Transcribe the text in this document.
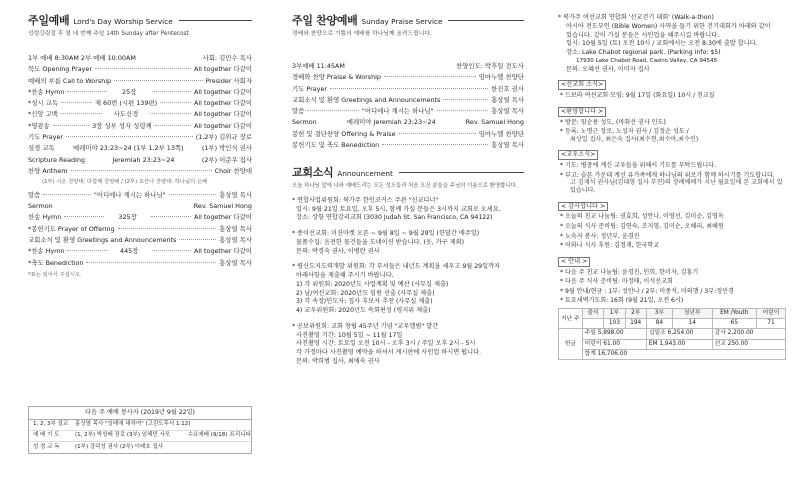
주일예배 Lord's Day Worship Service
성령강림절 후 열 네 번째 주일 14th Sunday after Pentecost
1부 예배 8:30AM 2부 예배 10:00AM	사회: 김민수 목사
묵도 Opening Prayer	All together 다같이
예배의 부름 Call to Worship	Presider 사회자
*찬송 Hymn	25장	All together 다같이
*성시 교독	제 60번 (시편 139편)	All together 다같이
*신앙 고백	사도신경	All together 다같이
*영광송	3장 성부 성자 성령께	All together 다같이
기도 Prayer	(1,2부) 김위규 장로
성경 교독	예레미야 23:23~24 (1부 1,2부 13쪽)	(1부) 박인식 권사
Scripture Reading	Jeremiah 23:23~24	(2부) 이준우 집사
찬양 Anthem	Choir 찬양대
(1부) 시온 찬양대: 다함께 찬양해 / (2부) 호산나 찬양대: 하나님의 은혜
말씀	"어디에나 계시는 하나님"	홍상열 목사
Sermon	Rev. Samuel Hong
찬송 Hymn	325장	All together 다같이
*봉헌기도 Prayer of Offering	홍상열 목사
교회소식 및 환영 Greetings and Announcements	홍상열 목사
*찬송 Hymn	445장	All together 다같이
*축도 Benediction	홍상열 목사
*표는 일어서 주십시오.
다음 주 예배 봉사자 (2019년 9월 22일)
1, 2, 3부 설교	홍상열 목사 "잉태에 대하여" (고린도후서 1:12)
예 배 기 도	(1, 2부) 박성배 장로 (3부) 임해민 사모	수요예배 (9/18) :
트리니티
성 경 교 독	(1부) 강덕성 권사 (2부) 이태호 집사
주일 찬양예배 Sunday Praise Service
경배와 찬양으로 기쁨의 예배를 하나님께 올려드립니다.
3부예배 11:45AM	찬양인도: 박후일 전도사
경배와 찬양 Praise & Worship	임마누엘 찬양단
기도 Prayer	한진호 권사
교회소식 및 환영 Greetings and Announcements	홍상열 목사
말씀	"어디에나 계시는 하나님"	홍상열 목사
Sermon	예레미야 Jeremiah 23:23~24	Rev. Samuel Hong
봉헌 및 결단찬양 Offering & Praise	임마누엘 찬양단
봉헌기도 및 축도 Benediction	홍상열 목사
교회소식 Announcement
오늘 하나님 앞에 나와 예배드리는 모든 성도들과 처음 오신 분들을 주님의 이름으로 환영합니다.

* 연합사업위원회: 북가주 한인코커스 주관 "선교디너"

일시: 9월 21일 토요일, 오후 5시, 함께 가실 분들은 3시까지 교회로 오세요.

장소: 상항 연합감리교회 (3030 Judah St. San Francisco, CA 94122)

* 종이선교회: 미션마켓 오픈 ~ 9월 8일 ~ 9월 29일 (한달간 매주일)

물품수집: 음전한 물건들을 도네이션 받습니다. (옷, 가구 제외)

문의: 박경숙 권사, 이병란 권사

* 평신도지도력개발 위원회: 각 부서들은 내년도 계획을 세우고 9월 29일까지

아래사항을 제출해 주시기 바랍니다.

1) 각 위원회: 2020년도 사업계획 및 예산 (사무실 제출)

2) 남/여선교회: 2020년도 임원 선출 (사무실 제출)

3) 각 속장/인도자: 집사 후보자 추천 (사무실 제출)

4) 교우위원회: 2020년도 속회편성 (평지위 제출)

* 공보위원회: 교회 창립 45주년 기념 "교우앨범" 발간

사진촬영 기간: 10월 5일 ~ 11월 17일

사진촬영 시간: 토요일 오전 10시 - 오후 3시 / 주일 오후 2시 - 5시

각 가정마다 사진촬영 예약을 하셔서 게시판에 사인업 하시면 됩니다.

문의: 박희범 집사, 최애숙 권사

* 북가주 여선교회 연합회 '선교걷기 대회' (Walk-a-thon)

아시아 전도부인 (Bible Women) 사역을 돕기 위한 걷기대회가 아래와 같이

있습니다. 같이 가실 분들은 사인업을 해주시길 바랍니다.

일시: 10월 5일 (토) 오전 10시 / 교회에서는 오전 8:30에 출발 합니다.

장소: Lake Chabot regional park. (Parking info: $5)

17930 Lake Chabot Road, Castro Valley, CA 94545

문의: 오혜선 권사, 이미자 집사

<선교회 소식>
* 드보라 여선교회 모임: 9월 17일 (화요일) 10시 / 친교실
<환영합니다 >
* 방문: 임순용 성도, (마취선 권사 인도)
* 등록: 노명근 장로, 노성자 권사 / 김정순 성도 /
최상일 집사, 최은숙 집사(최수현,최수아,최수인)
<교우소식>
* 기도: 병중에 계신 교우들을 위해서 기도를 부탁드립니다.
* 부고: 슬픈 가운데 계신 유가족에게 하나님의 위로가 함께 하시기를 기도합니다.
고 김재석 권사님(김대영 집사 부친)의 장례예배가 지난 월요일에 본 교회에서 있었습니다.
< 감사합니다 >
* 오늘의 친교 나눔팀: 권효희, 성안나, 이영선, 김미순, 김영옥
* 오늘의 식사 준비팀: 김연숙, 조지영, 김미순, 오혜리, 최혜원
* 노숙자 봉사: 정년부, 윤경진
* 어와나 식사 후원: 김정재, 한국학교
< 안내 >
* 다음 주 친교 나눔팀: 윤경진, 인희, 한미자, 김홍기
* 다음 주 식사 준비팀: 마정태, 이석선교회
* 9월 안내/현금 : 1부: 성안나 / 2부: 미종석, 미의행 / 3부:정민경
* 토요새벽기도회: 16회 (9월 21일, 오전 6시)
지난 주	출석	1부	2부	3부	청년부	EM /Youth	어린이
		103	194	84	14	65	71
헌금	주일 5,898.00			십일조 6,254.00		감사 2,200.00	
	어린이 61.00			EM 1,943.00		선교 250.00	
	합계 16,706.00						
